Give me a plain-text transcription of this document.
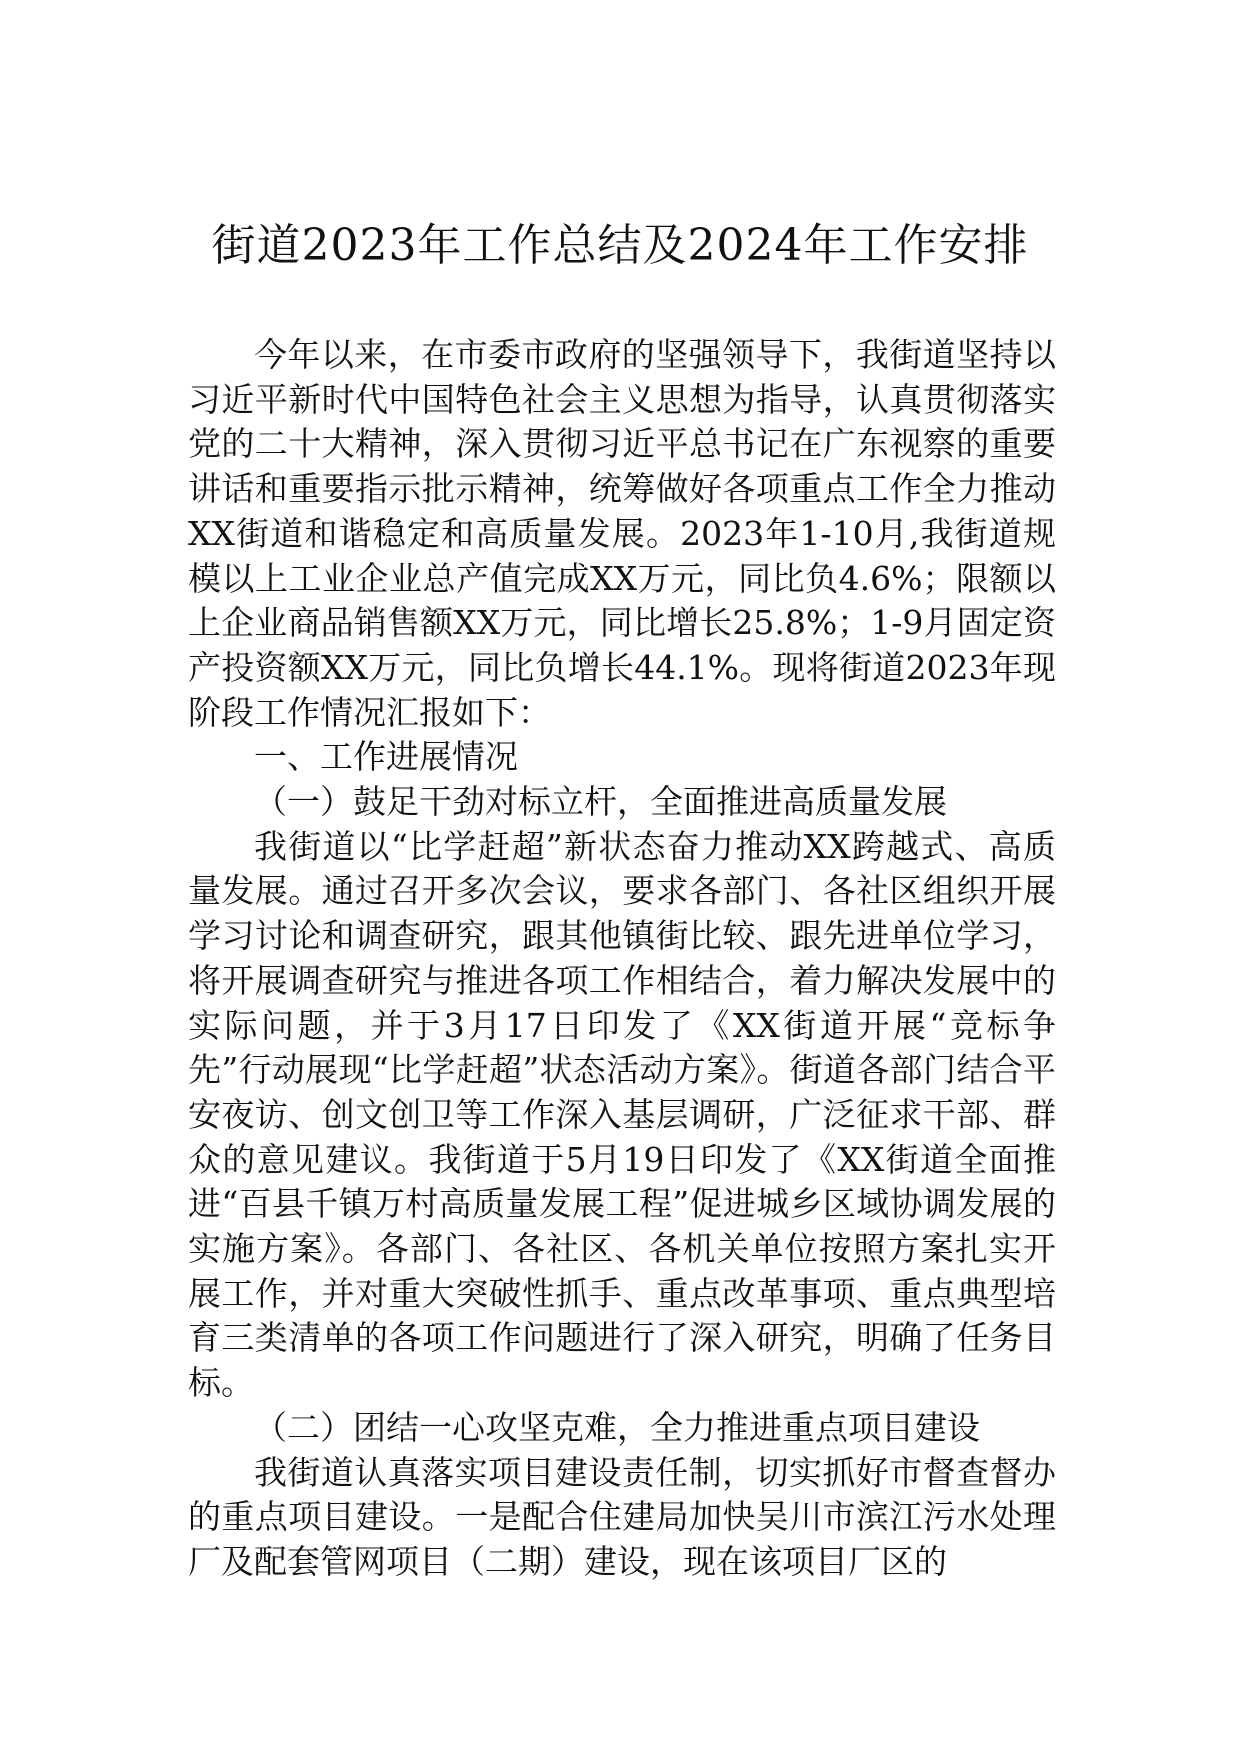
街道2023年工作总结及2024年工作安排

今年以来，在市委市政府的坚强领导下，我街道坚持以习近平新时代中国特色社会主义思想为指导，认真贯彻落实党的二十大精神，深入贯彻习近平总书记在广东视察的重要讲话和重要指示批示精神，统筹做好各项重点工作全力推动XX街道和谐稳定和高质量发展。2023年1-10月,我街道规模以上工业企业总产值完成XX万元，同比负4.6%；限额以上企业商品销售额XX万元，同比增长25.8%；1-9月固定资产投资额XX万元，同比负增长44.1%。现将街道2023年现阶段工作情况汇报如下：

一、工作进展情况

（一）鼓足干劲对标立杆，全面推进高质量发展

我街道以“比学赶超”新状态奋力推动XX跨越式、高质量发展。通过召开多次会议，要求各部门、各社区组织开展学习讨论和调查研究，跟其他镇街比较、跟先进单位学习，将开展调查研究与推进各项工作相结合，着力解决发展中的实际问题，并于3月17日印发了《XX街道开展“竞标争先”行动展现“比学赶超”状态活动方案》。街道各部门结合平安夜访、创文创卫等工作深入基层调研，广泛征求干部、群众的意见建议。我街道于5月19日印发了《XX街道全面推进“百县千镇万村高质量发展工程”促进城乡区域协调发展的实施方案》。各部门、各社区、各机关单位按照方案扎实开展工作，并对重大突破性抓手、重点改革事项、重点典型培育三类清单的各项工作问题进行了深入研究，明确了任务目标。

（二）团结一心攻坚克难，全力推进重点项目建设

我街道认真落实项目建设责任制，切实抓好市督查督办的重点项目建设。一是配合住建局加快吴川市滨江污水处理厂及配套管网项目（二期）建设，现在该项目厂区的
